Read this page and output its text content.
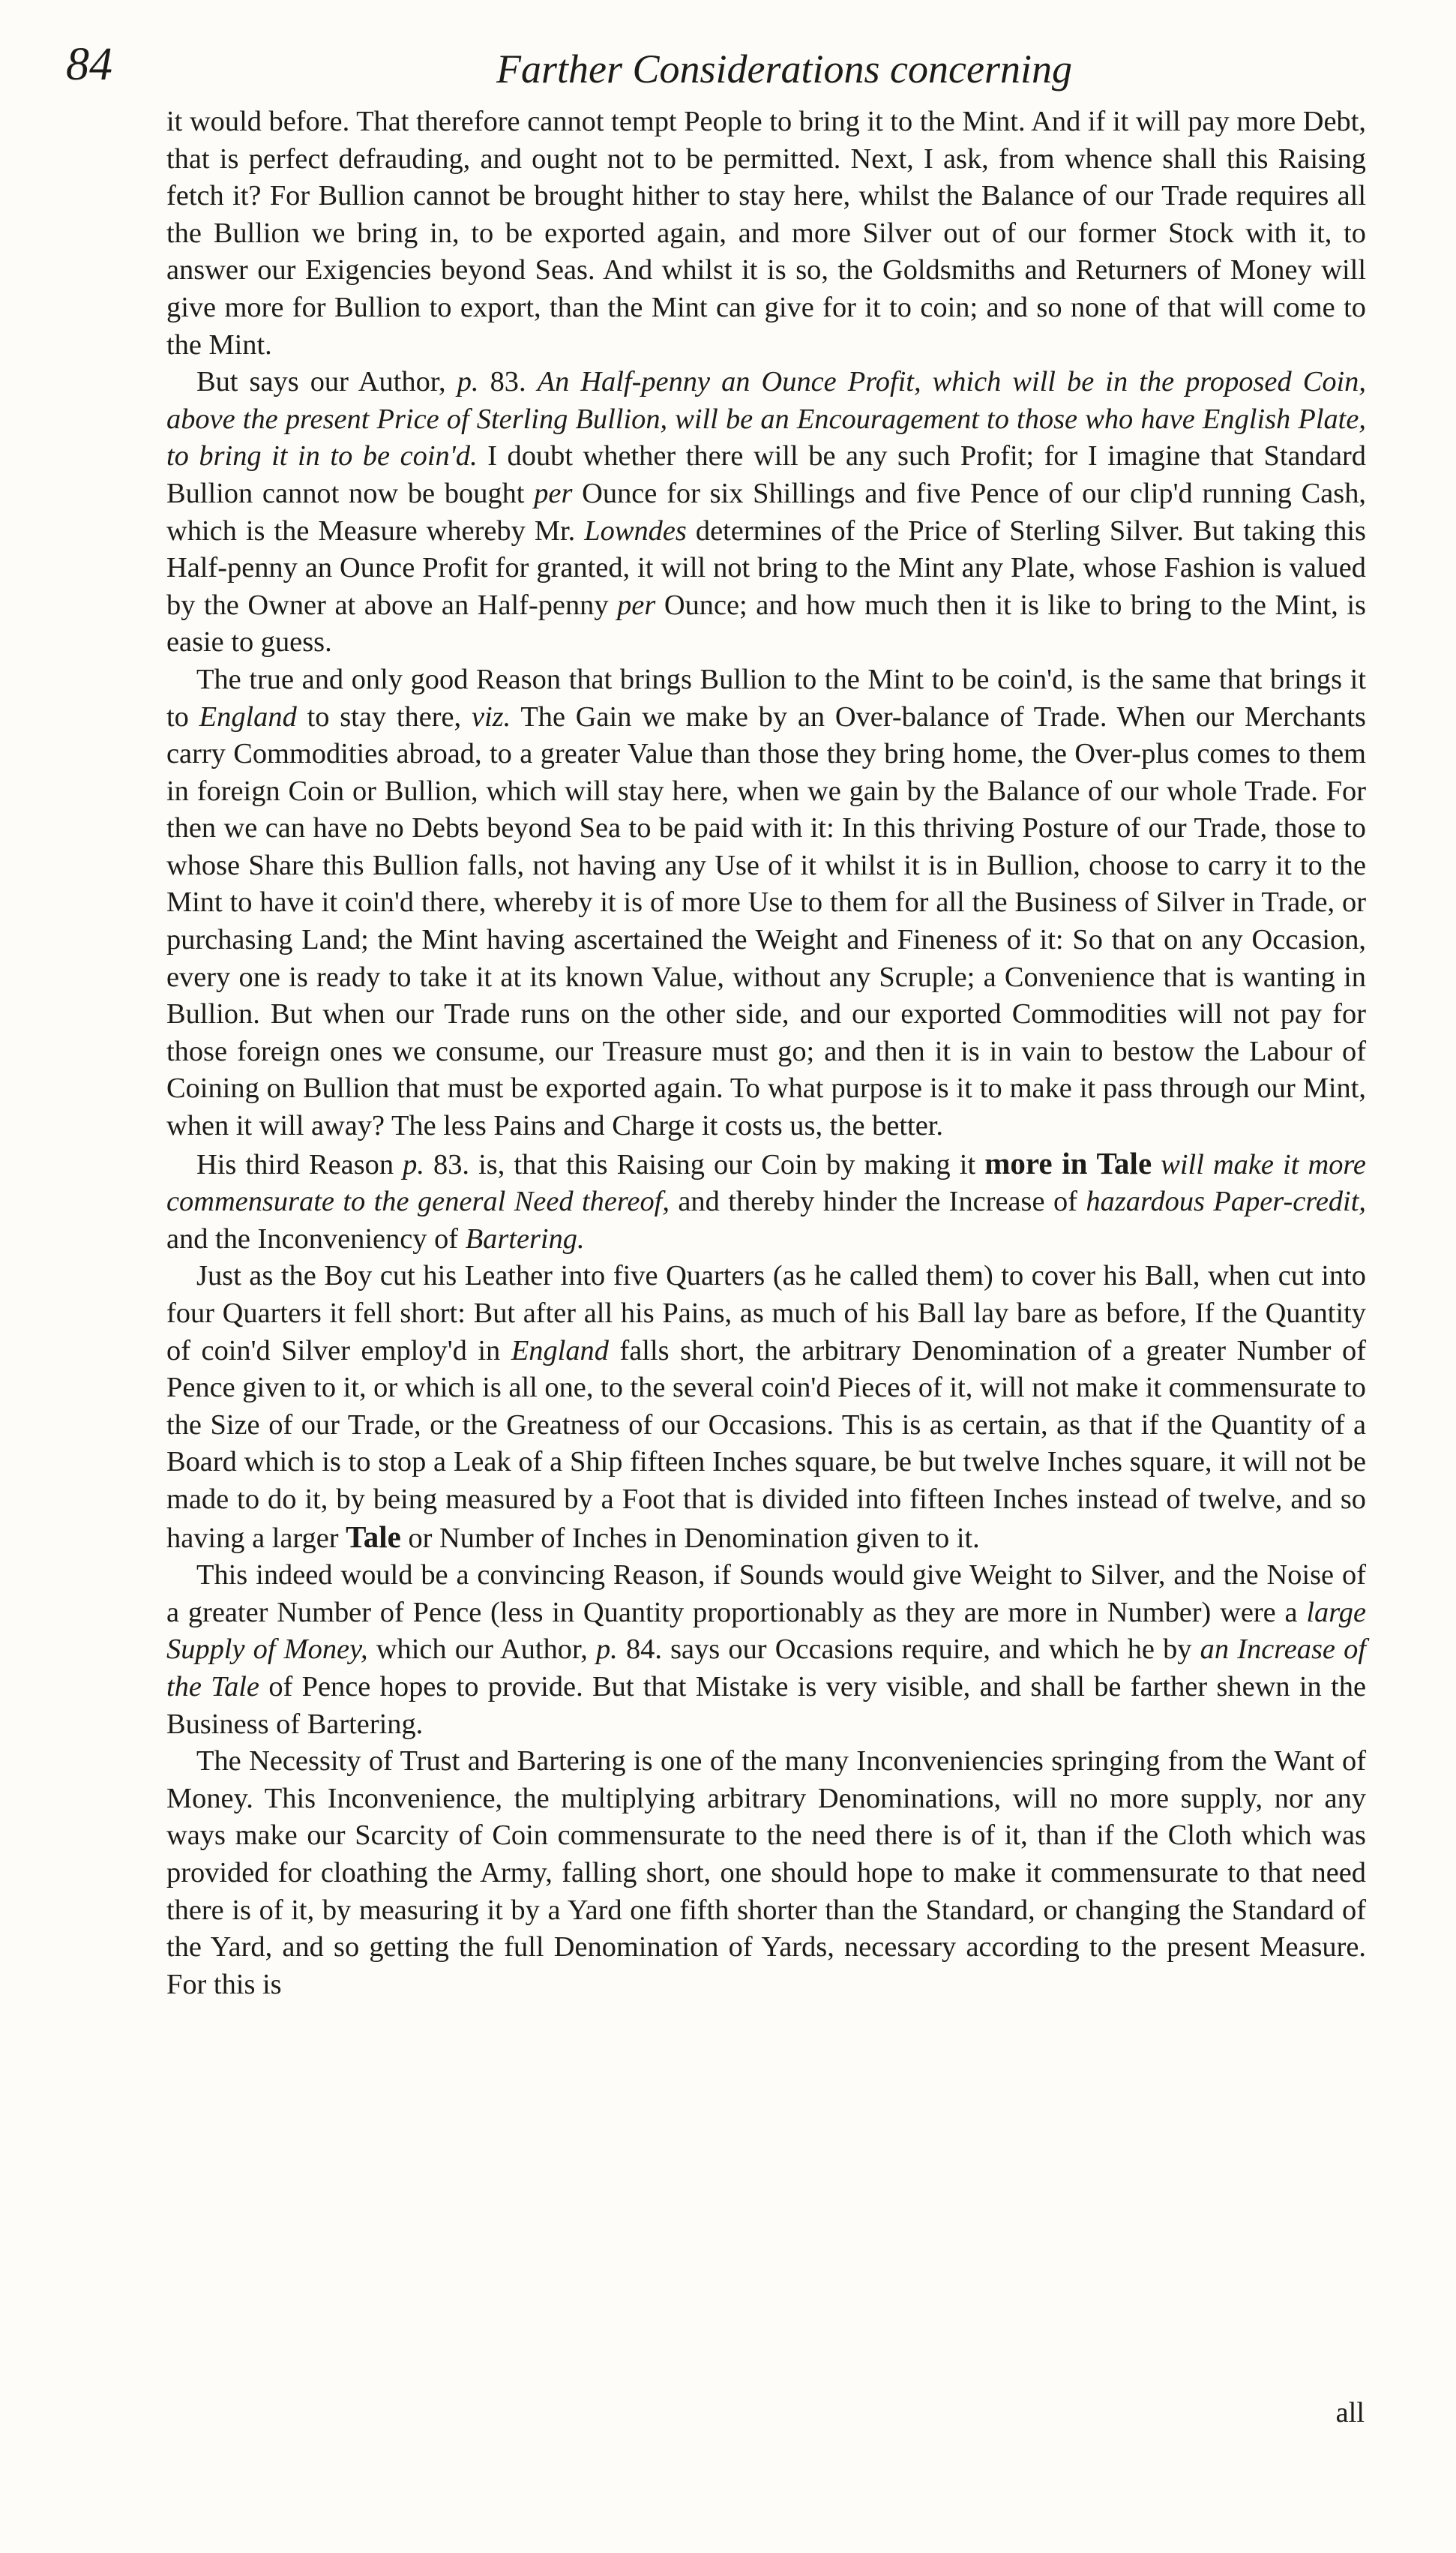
84	Farther Considerations concerning

it would before. That therefore cannot tempt People to bring it to the Mint. And if it will pay more Debt, that is perfect defrauding, and ought not to be permitted. Next, I ask, from whence shall this Raising fetch it? For Bullion cannot be brought hither to stay here, whilst the Balance of our Trade requires all the Bullion we bring in, to be exported again, and more Silver out of our former Stock with it, to answer our Exigencies beyond Seas. And whilst it is so, the Goldsmiths and Returners of Money will give more for Bullion to export, than the Mint can give for it to coin; and so none of that will come to the Mint.

But says our Author, p. 83. An Half-penny an Ounce Profit, which will be in the proposed Coin, above the present Price of Sterling Bullion, will be an Encouragement to those who have English Plate, to bring it in to be coin'd. I doubt whether there will be any such Profit; for I imagine that Standard Bullion cannot now be bought per Ounce for six Shillings and five Pence of our clip'd running Cash, which is the Measure whereby Mr. Lowndes determines of the Price of Sterling Silver. But taking this Half-penny an Ounce Profit for granted, it will not bring to the Mint any Plate, whose Fashion is valued by the Owner at above an Half-penny per Ounce; and how much then it is like to bring to the Mint, is easie to guess.

The true and only good Reason that brings Bullion to the Mint to be coin'd, is the same that brings it to England to stay there, viz. The Gain we make by an Over-balance of Trade. When our Merchants carry Commodities abroad, to a greater Value than those they bring home, the Over-plus comes to them in foreign Coin or Bullion, which will stay here, when we gain by the Balance of our whole Trade. For then we can have no Debts beyond Sea to be paid with it: In this thriving Posture of our Trade, those to whose Share this Bullion falls, not having any Use of it whilst it is in Bullion, choose to carry it to the Mint to have it coin'd there, whereby it is of more Use to them for all the Business of Silver in Trade, or purchasing Land; the Mint having ascertained the Weight and Fineness of it: So that on any Occasion, every one is ready to take it at its known Value, without any Scruple; a Convenience that is wanting in Bullion. But when our Trade runs on the other side, and our exported Commodities will not pay for those foreign ones we consume, our Treasure must go; and then it is in vain to bestow the Labour of Coining on Bullion that must be exported again. To what purpose is it to make it pass through our Mint, when it will away? The less Pains and Charge it costs us, the better.

His third Reason p. 83. is, that this Raising our Coin by making it more in Tale will make it more commensurate to the general Need thereof, and thereby hinder the Increase of hazardous Paper-credit, and the Inconveniency of Bartering.

Just as the Boy cut his Leather into five Quarters (as he called them) to cover his Ball, when cut into four Quarters it fell short: But after all his Pains, as much of his Ball lay bare as before, If the Quantity of coin'd Silver employ'd in England falls short, the arbitrary Denomination of a greater Number of Pence given to it, or which is all one, to the several coin'd Pieces of it, will not make it commensurate to the Size of our Trade, or the Greatness of our Occasions. This is as certain, as that if the Quantity of a Board which is to stop a Leak of a Ship fifteen Inches square, be but twelve Inches square, it will not be made to do it, by being measured by a Foot that is divided into fifteen Inches instead of twelve, and so having a larger Tale or Number of Inches in Denomination given to it.

This indeed would be a convincing Reason, if Sounds would give Weight to Silver, and the Noise of a greater Number of Pence (less in Quantity proportionably as they are more in Number) were a large Supply of Money, which our Author, p. 84. says our Occasions require, and which he by an Increase of the Tale of Pence hopes to provide. But that Mistake is very visible, and shall be farther shewn in the Business of Bartering.

The Necessity of Trust and Bartering is one of the many Inconveniencies springing from the Want of Money. This Inconvenience, the multiplying arbitrary Denominations, will no more supply, nor any ways make our Scarcity of Coin commensurate to the need there is of it, than if the Cloth which was provided for cloathing the Army, falling short, one should hope to make it commensurate to that need there is of it, by measuring it by a Yard one fifth shorter than the Standard, or changing the Standard of the Yard, and so getting the full Denomination of Yards, necessary according to the present Measure. For this is

all
